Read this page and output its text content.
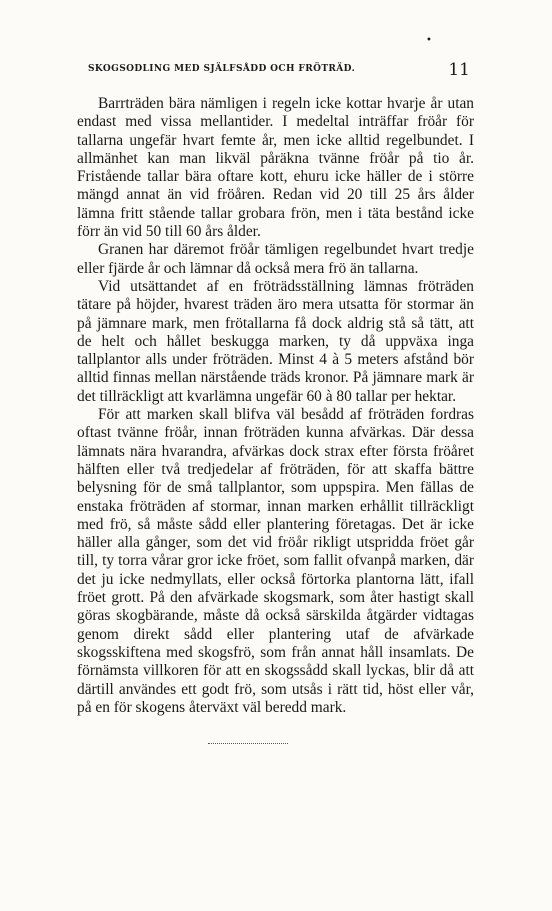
•
SKOGSODLING MED SJÄLFSÅDD OCH FRÖTRÄD.	11

Barrträden bära nämligen i regeln icke kottar hvarje år utan endast med vissa mellantider. I medeltal inträffar fröår för tallarna ungefär hvart femte år, men icke alltid regelbundet. I allmänhet kan man likväl påräkna tvänne fröår på tio år. Fristående tallar bära oftare kott, ehuru icke häller de i större mängd annat än vid fröåren. Redan vid 20 till 25 års ålder lämna fritt stående tallar grobara frön, men i täta bestånd icke förr än vid 50 till 60 års ålder.

Granen har däremot fröår tämligen regelbundet hvart tredje eller fjärde år och lämnar då också mera frö än tallarna.

Vid utsättandet af en fröträdsställning lämnas fröträden tätare på höjder, hvarest träden äro mera utsatta för stormar än på jämnare mark, men frötallarna få dock aldrig stå så tätt, att de helt och hållet beskugga marken, ty då uppväxa inga tallplantor alls under fröträden. Minst 4 à 5 meters afstånd bör alltid finnas mellan närstående träds kronor. På jämnare mark är det tillräckligt att kvarlämna ungefär 60 à 80 tallar per hektar.

För att marken skall blifva väl besådd af fröträden fordras oftast tvänne fröår, innan fröträden kunna afvärkas. Där dessa lämnats nära hvarandra, afvärkas dock strax efter första fröåret hälften eller två tredjedelar af fröträden, för att skaffa bättre belysning för de små tallplantor, som uppspira. Men fällas de enstaka fröträden af stormar, innan marken erhållit tillräckligt med frö, så måste sådd eller plantering företagas. Det är icke häller alla gånger, som det vid fröår rikligt utspridda fröet går till, ty torra vårar gror icke fröet, som fallit ofvanpå marken, där det ju icke nedmyllats, eller också förtorka plantorna lätt, ifall fröet grott. På den afvärkade skogsmark, som åter hastigt skall göras skogbärande, måste då också särskilda åtgärder vidtagas genom direkt sådd eller plantering utaf de afvärkade skogsskiftena med skogsfrö, som från annat håll insamlats. De förnämsta villkoren för att en skogssådd skall lyckas, blir då att därtill användes ett godt frö, som utsås i rätt tid, höst eller vår, på en för skogens återväxt väl beredd mark.
